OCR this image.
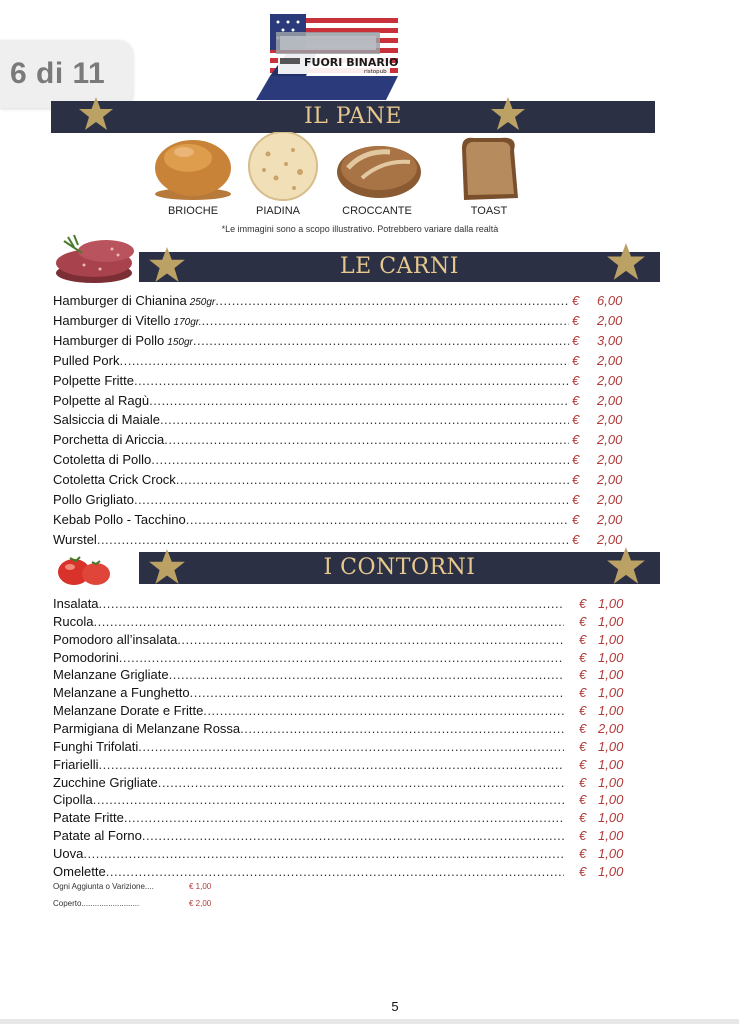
6 di 11	FUORI BINARIO
ristopub
IL PANE
BRIOCHE	PIADINA	CROCCANTE	TOAST
*Le immagini sono a scopo illustrativo. Potrebbero variare dalla realtà
LE CARNI
Hamburger di Chianina 250gr .....	€ 6,00
Hamburger di Vitello 170gr. .....	€ 2,00
Hamburger di Pollo 150gr .....	€ 3,00
Pulled Pork .....	€ 2,00
Polpette Fritte .....	€ 2,00
Polpette al Ragù .....	€ 2,00
Salsiccia di Maiale .....	€ 2,00
Porchetta di Ariccia .....	€ 2,00
Cotoletta di Pollo .....	€ 2,00
Cotoletta Crick Crock .....	€ 2,00
Pollo Grigliato .....	€ 2,00
Kebab Pollo - Tacchino .....	€ 2,00
Wurstel .....	€ 2,00
I CONTORNI
Insalata .....	€ 1,00
Rucola .....	€ 1,00
Pomodoro all’insalata .....	€ 1,00
Pomodorini .....	€ 1,00
Melanzane Grigliate .....	€ 1,00
Melanzane a Funghetto .....	€ 1,00
Melanzane Dorate e Fritte .....	€ 1,00
Parmigiana di Melanzane Rossa .....	€ 2,00
Funghi Trifolati .....	€ 1,00
Friarielli .....	€ 1,00
Zucchine Grigliate .....	€ 1,00
Cipolla .....	€ 1,00
Patate Fritte .....	€ 1,00
Patate al Forno .....	€ 1,00
Uova .....	€ 1,00
Omelette .....	€ 1,00
Ogni Aggiunta o Varizione....	€ 1,00
Coperto..........................	€ 2,00
5
